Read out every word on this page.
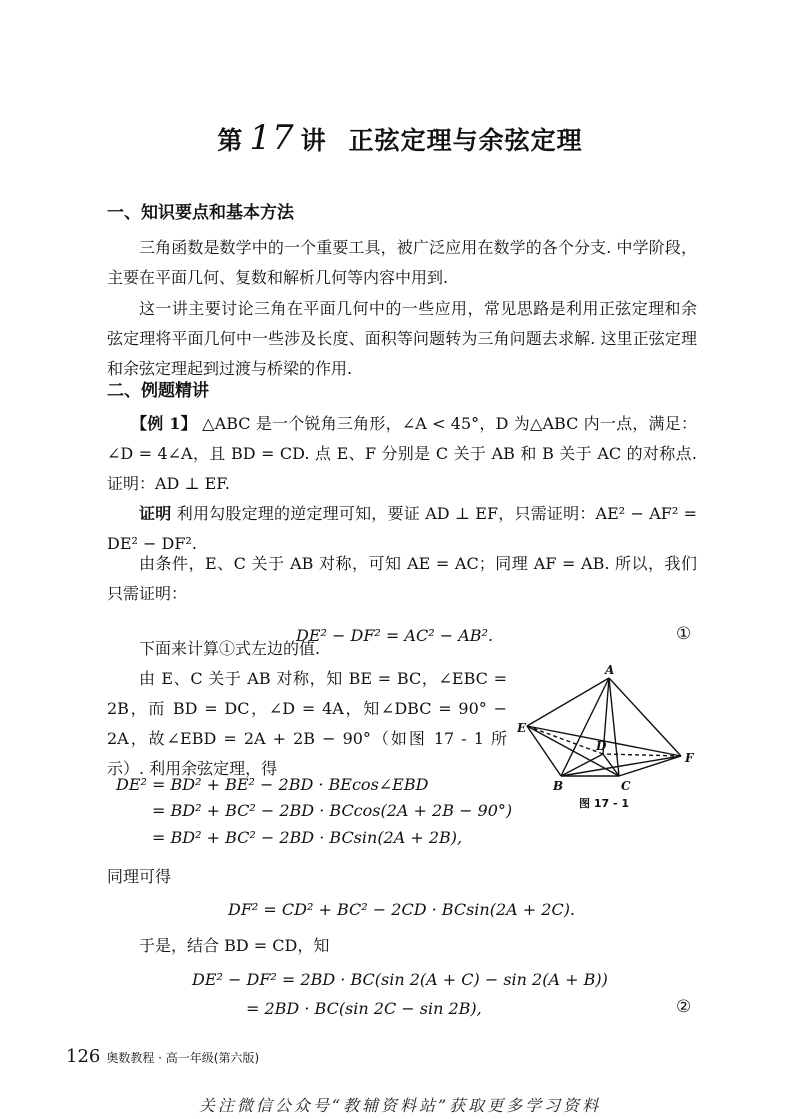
第 17 讲 正弦定理与余弦定理
一、知识要点和基本方法

三角函数是数学中的一个重要工具，被广泛应用在数学的各个分支. 中学阶段，主要在平面几何、复数和解析几何等内容中用到.

这一讲主要讨论三角在平面几何中的一些应用，常见思路是利用正弦定理和余弦定理将平面几何中一些涉及长度、面积等问题转为三角问题去求解. 这里正弦定理和余弦定理起到过渡与桥梁的作用.

二、例题精讲

【例 1】 △ABC 是一个锐角三角形，∠A < 45°，D 为△ABC 内一点，满足：∠D = 4∠A，且 BD = CD. 点 E、F 分别是 C 关于 AB 和 B 关于 AC 的对称点. 证明：AD ⊥ EF.

证明 利用勾股定理的逆定理可知，要证 AD ⊥ EF，只需证明：AE² − AF² = DE² − DF².

由条件，E、C 关于 AB 对称，可知 AE = AC；同理 AF = AB. 所以，我们只需证明：

DE² − DF² = AC² − AB².	①

下面来计算①式左边的值.

由 E、C 关于 AB 对称，知 BE = BC，∠EBC = 2B，而 BD = DC，∠D = 4A，知∠DBC = 90° − 2A，故∠EBD = 2A + 2B − 90°（如图 17 - 1 所示）. 利用余弦定理，得

A
B	C
D
E
F
图 17 - 1
DE² = BD² + BE² − 2BD · BEcos∠EBD
= BD² + BC² − 2BD · BCcos(2A + 2B − 90°)
= BD² + BC² − 2BD · BCsin(2A + 2B),

同理可得

DF² = CD² + BC² − 2CD · BCsin(2A + 2C).

于是，结合 BD = CD，知

DE² − DF² = 2BD · BC(sin 2(A + C) − sin 2(A + B))
= 2BD · BC(sin 2C − sin 2B),	②
126 奥数教程 · 高一年级(第六版)
关注微信公众号“教辅资料站”获取更多学习资料
